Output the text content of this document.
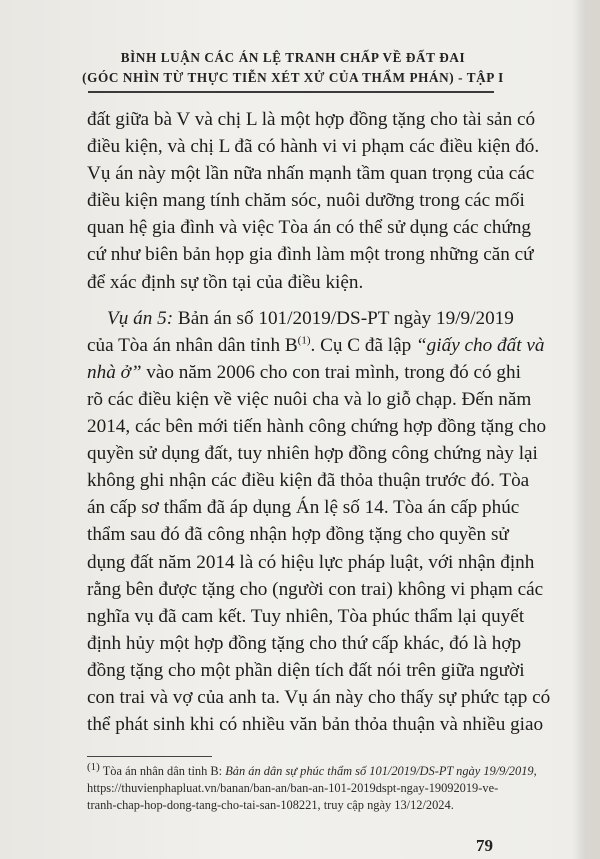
BÌNH LUẬN CÁC ÁN LỆ TRANH CHẤP VỀ ĐẤT ĐAI
(GÓC NHÌN TỪ THỰC TIỄN XÉT XỬ CỦA THẨM PHÁN) - TẬP I
đất giữa bà V và chị L là một hợp đồng tặng cho tài sản có
điều kiện, và chị L đã có hành vi vi phạm các điều kiện đó.
Vụ án này một lần nữa nhấn mạnh tầm quan trọng của các
điều kiện mang tính chăm sóc, nuôi dưỡng trong các mối
quan hệ gia đình và việc Tòa án có thể sử dụng các chứng
cứ như biên bản họp gia đình làm một trong những căn cứ
để xác định sự tồn tại của điều kiện.
Vụ án 5: Bản án số 101/2019/DS-PT ngày 19/9/2019
của Tòa án nhân dân tỉnh $B^{(1)}$. Cụ C đã lập “giấy cho đất và
nhà ở” vào năm 2006 cho con trai mình, trong đó có ghi
rõ các điều kiện về việc nuôi cha và lo giỗ chạp. Đến năm
2014, các bên mới tiến hành công chứng hợp đồng tặng cho
quyền sử dụng đất, tuy nhiên hợp đồng công chứng này lại
không ghi nhận các điều kiện đã thỏa thuận trước đó. Tòa
án cấp sơ thẩm đã áp dụng Án lệ số 14. Tòa án cấp phúc
thẩm sau đó đã công nhận hợp đồng tặng cho quyền sử
dụng đất năm 2014 là có hiệu lực pháp luật, với nhận định
rằng bên được tặng cho (người con trai) không vi phạm các
nghĩa vụ đã cam kết. Tuy nhiên, Tòa phúc thẩm lại quyết
định hủy một hợp đồng tặng cho thứ cấp khác, đó là hợp
đồng tặng cho một phần diện tích đất nói trên giữa người
con trai và vợ của anh ta. Vụ án này cho thấy sự phức tạp có
thể phát sinh khi có nhiều văn bản thỏa thuận và nhiều giao
(1) Tòa án nhân dân tỉnh B: Bản án dân sự phúc thẩm số 101/2019/DS-PT ngày 19/9/2019,
https://thuvienphapluat.vn/banan/ban-an/ban-an-101-2019dspt-ngay-19092019-ve-
tranh-chap-hop-dong-tang-cho-tai-san-108221, truy cập ngày 13/12/2024.
79
